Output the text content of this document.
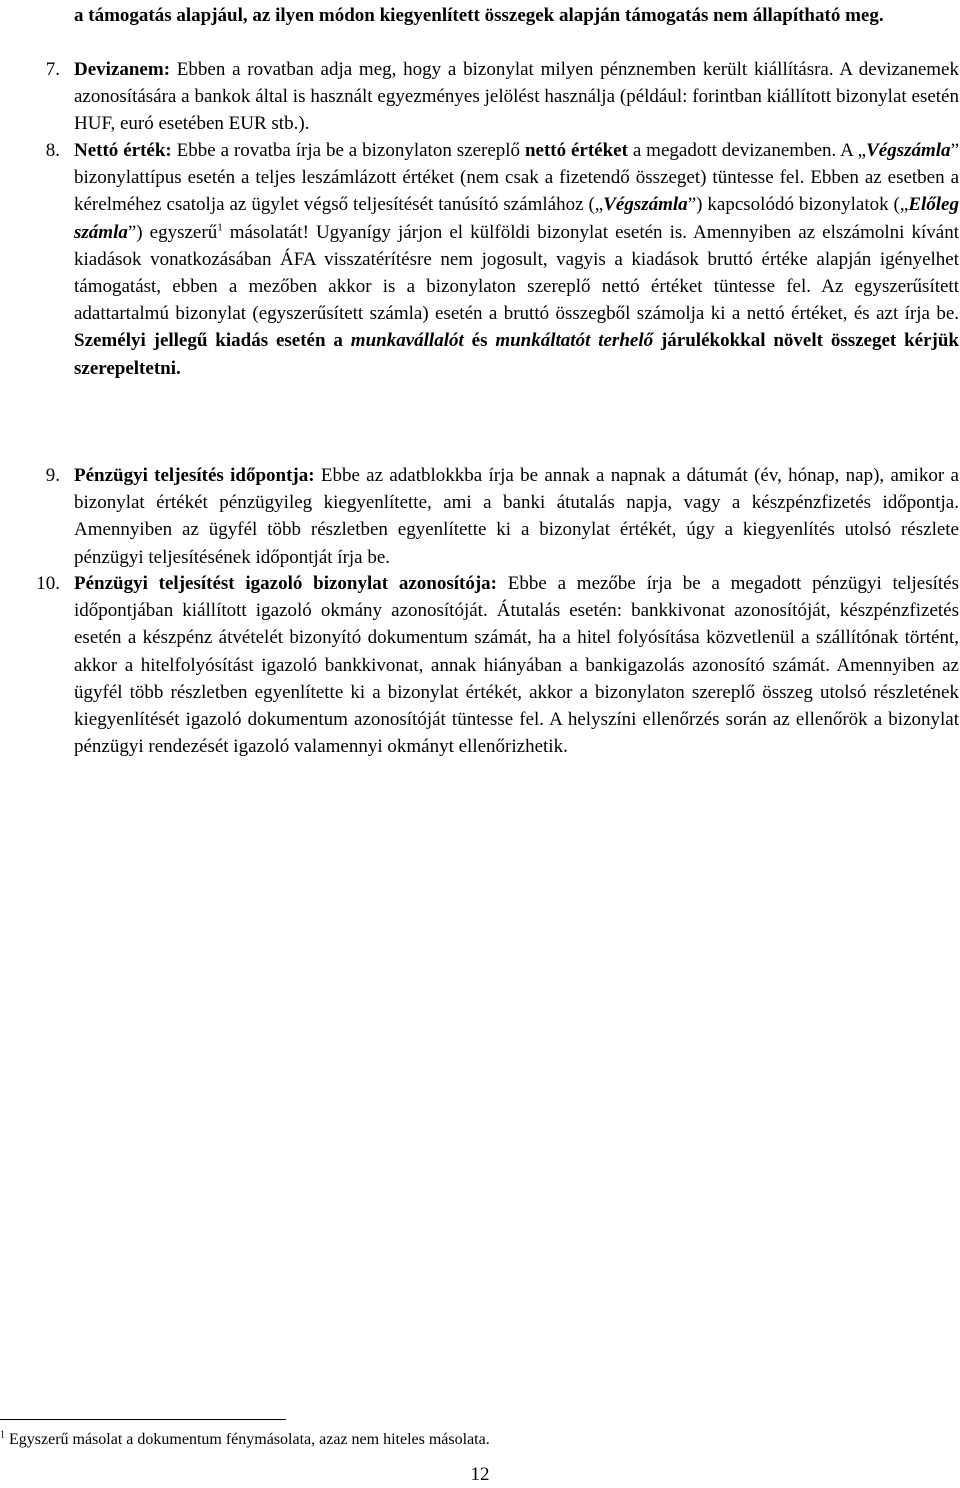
a támogatás alapjául, az ilyen módon kiegyenlített összegek alapján támogatás nem állapítható meg.

7. Devizanem: Ebben a rovatban adja meg, hogy a bizonylat milyen pénznemben került kiállításra. A devizanemek azonosítására a bankok által is használt egyezményes jelölést használja (például: forintban kiállított bizonylat esetén HUF, euró esetében EUR stb.).

8. Nettó érték: Ebbe a rovatba írja be a bizonylaton szereplő nettó értéket a megadott devizanemben. A „Végszámla” bizonylattípus esetén a teljes leszámlázott értéket (nem csak a fizetendő összeget) tüntesse fel. Ebben az esetben a kérelméhez csatolja az ügylet végső teljesítését tanúsító számlához („Végszámla”) kapcsolódó bizonylatok („Előleg számla”) egyszerű$^1$ másolatát! Ugyanígy járjon el külföldi bizonylat esetén is. Amennyiben az elszámolni kívánt kiadások vonatkozásában ÁFA visszatérítésre nem jogosult, vagyis a kiadások bruttó értéke alapján igényelhet támogatást, ebben a mezőben akkor is a bizonylaton szereplő nettó értéket tüntesse fel. Az egyszerűsített adattartalmú bizonylat (egyszerűsített számla) esetén a bruttó összegből számolja ki a nettó értéket, és azt írja be. Személyi jellegű kiadás esetén a munkavállalót és munkáltatót terhelő járulékokkal növelt összeget kérjük szerepeltetni.

9. Pénzügyi teljesítés időpontja: Ebbe az adatblokkba írja be annak a napnak a dátumát (év, hónap, nap), amikor a bizonylat értékét pénzügyileg kiegyenlítette, ami a banki átutalás napja, vagy a készpénzfizetés időpontja. Amennyiben az ügyfél több részletben egyenlítette ki a bizonylat értékét, úgy a kiegyenlítés utolsó részlete pénzügyi teljesítésének időpontját írja be.

10. Pénzügyi teljesítést igazoló bizonylat azonosítója: Ebbe a mezőbe írja be a megadott pénzügyi teljesítés időpontjában kiállított igazoló okmány azonosítóját. Átutalás esetén: bankkivonat azonosítóját, készpénzfizetés esetén a készpénz átvételét bizonyító dokumentum számát, ha a hitel folyósítása közvetlenül a szállítónak történt, akkor a hitelfolyósítást igazoló bankkivonat, annak hiányában a bankigazolás azonosító számát. Amennyiben az ügyfél több részletben egyenlítette ki a bizonylat értékét, akkor a bizonylaton szereplő összeg utolsó részletének kiegyenlítését igazoló dokumentum azonosítóját tüntesse fel. A helyszíni ellenőrzés során az ellenőrök a bizonylat pénzügyi rendezését igazoló valamennyi okmányt ellenőrizhetik.

$^1$ Egyszerű másolat a dokumentum fénymásolata, azaz nem hiteles másolata.

12
